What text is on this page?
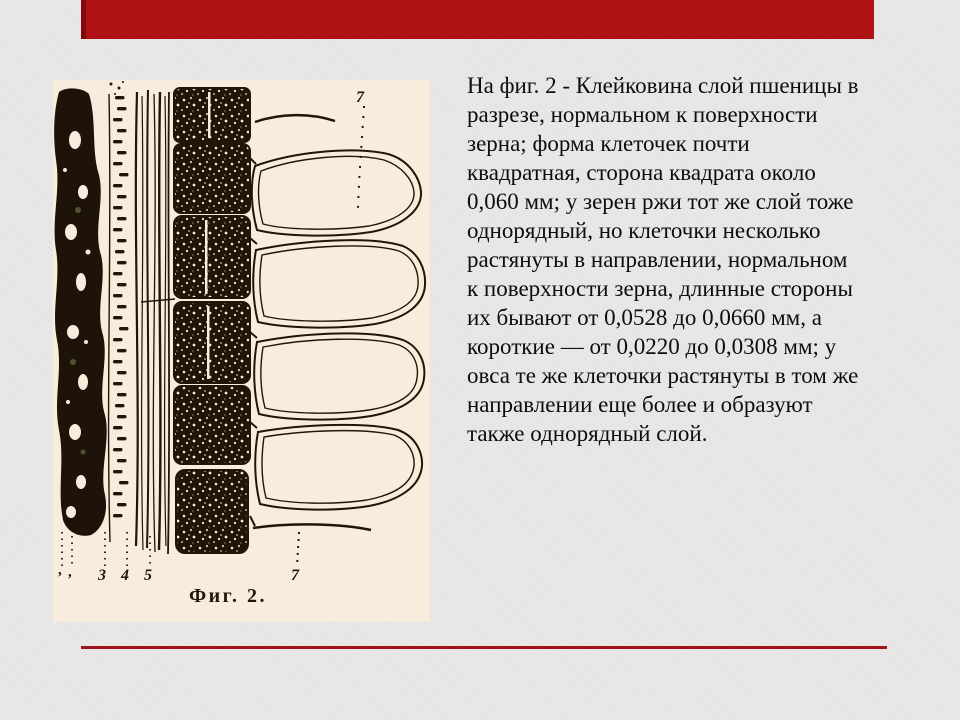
7
, , 3 4 5	7
Фиг. 2.
На фиг. 2 - Клейковина слой пшеницы в
разрезе, нормальном к поверхности
зерна; форма клеточек почти
квадратная, сторона квадрата около
0,060 мм; у зерен ржи тот же слой тоже
однорядный, но клеточки несколько
растянуты в направлении, нормальном
к поверхности зерна, длинные стороны
их бывают от 0,0528 до 0,0660 мм, а
короткие — от 0,0220 до 0,0308 мм; у
овса те же клеточки растянуты в том же
направлении еще более и образуют
также однорядный слой.
